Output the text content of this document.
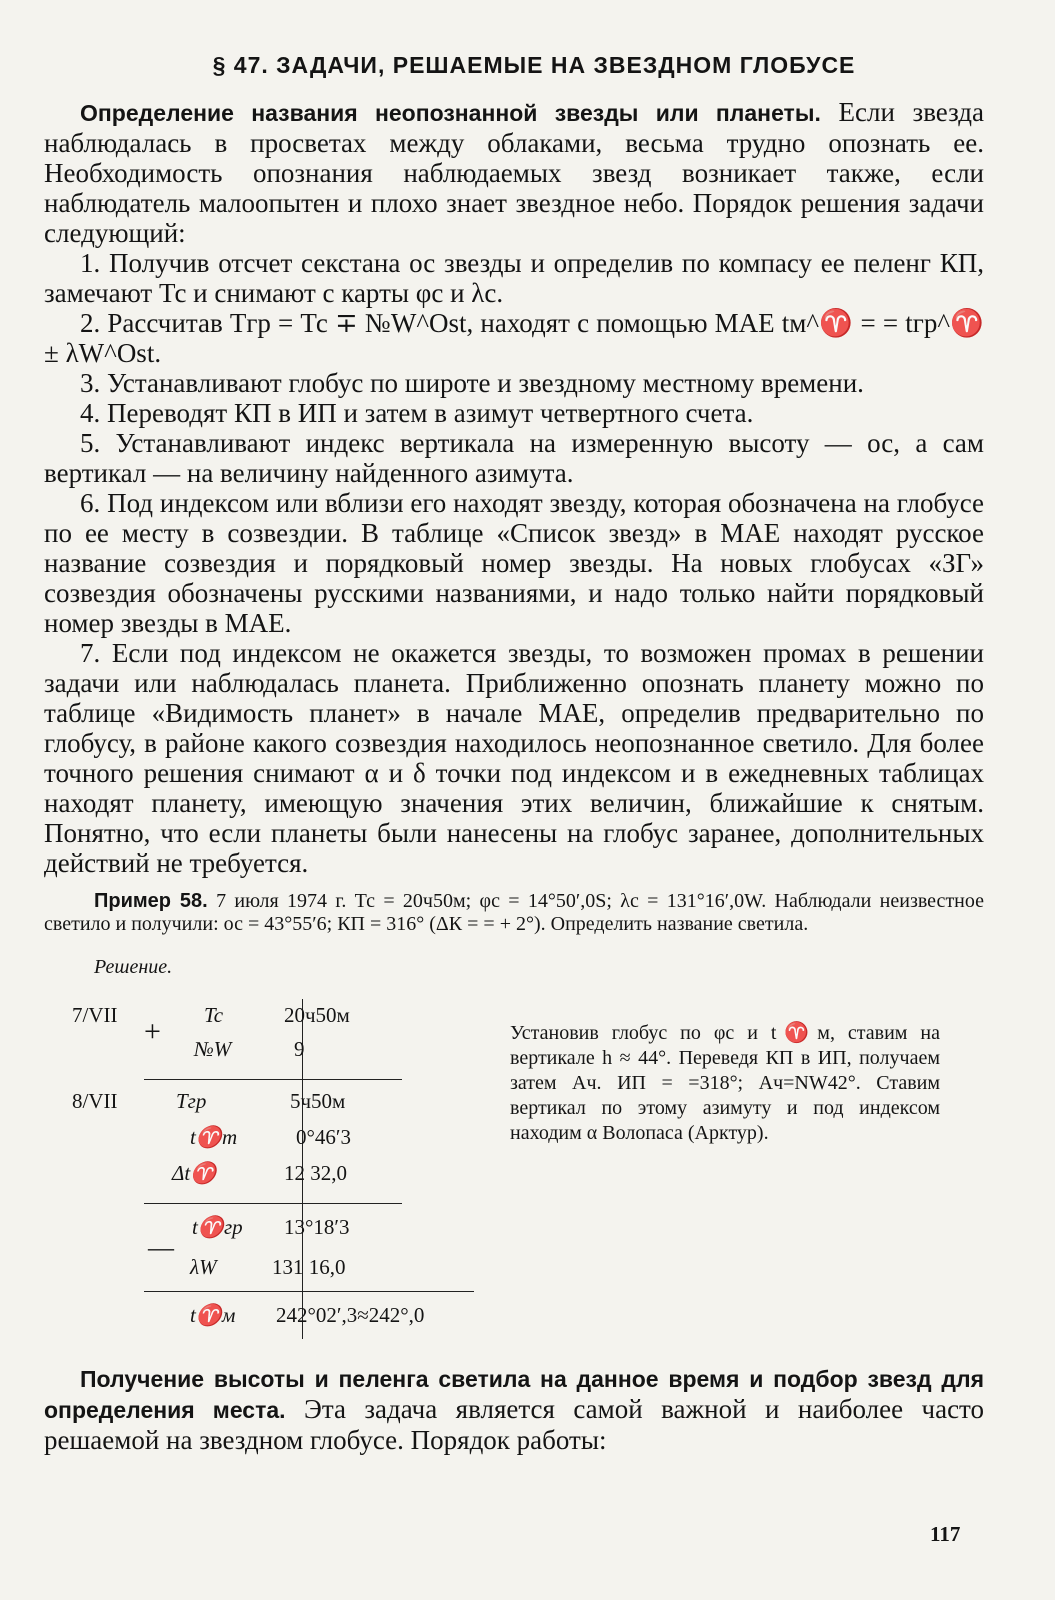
§ 47. ЗАДАЧИ, РЕШАЕМЫЕ НА ЗВЕЗДНОМ ГЛОБУСЕ

Определение названия неопознанной звезды или планеты. Если звезда наблюдалась в просветах между облаками, весьма трудно опознать ее. Необходимость опознания наблюдаемых звезд возникает также, если наблюдатель малоопытен и плохо знает звездное небо. Порядок решения задачи следующий:

1. Получив отсчет секстана ос звезды и определив по компасу ее пеленг КП, замечают Тс и снимают с карты φс и λс.
2. Рассчитав Тгр = Тс ∓ №W^Ost, находят с помощью МАЕ tм^♈ = = tгр^♈ ± λW^Ost.
3. Устанавливают глобус по широте и звездному местному времени.
4. Переводят КП в ИП и затем в азимут четвертного счета.
5. Устанавливают индекс вертикала на измеренную высоту — ос, а сам вертикал — на величину найденного азимута.
6. Под индексом или вблизи его находят звезду, которая обозначена на глобусе по ее месту в созвездии. В таблице «Список звезд» в МАЕ находят русское название созвездия и порядковый номер звезды. На новых глобусах «ЗГ» созвездия обозначены русскими названиями, и надо только найти порядковый номер звезды в МАЕ.
7. Если под индексом не окажется звезды, то возможен промах в решении задачи или наблюдалась планета. Приближенно опознать планету можно по таблице «Видимость планет» в начале МАЕ, определив предварительно по глобусу, в районе какого созвездия находилось неопознанное светило. Для более точного решения снимают α и δ точки под индексом и в ежедневных таблицах находят планету, имеющую значения этих величин, ближайшие к снятым. Понятно, что если планеты были нанесены на глобус заранее, дополнительных действий не требуется.

Пример 58. 7 июля 1974 г. Тс = 20ч50м; φс = 14°50′,0S; λс = 131°16′,0W. Наблюдали неизвестное светило и получили: ос = 43°55′6; КП = 316° (ΔК = = + 2°). Определить название светила.

Решение.
7/VII + Tc	20ч50м
№W	9
8/VII	Tгр	5ч50м
t♈т	0°46′3
Δt♈	12 32,0
—
t♈гр 13°18′3
λW	131 16,0
t♈м 242°02′,3≈242°,0
Установив глобус по φс и t♈м, ставим на вертикале h ≈ 44°. Переведя КП в ИП, получаем затем Aч. ИП = =318°; Aч=NW42°. Ставим вертикал по этому азимуту и под индексом находим α Волопаса (Арктур).

Получение высоты и пеленга светила на данное время и подбор звезд для определения места. Эта задача является самой важной и наиболее часто решаемой на звездном глобусе. Порядок работы:

117
